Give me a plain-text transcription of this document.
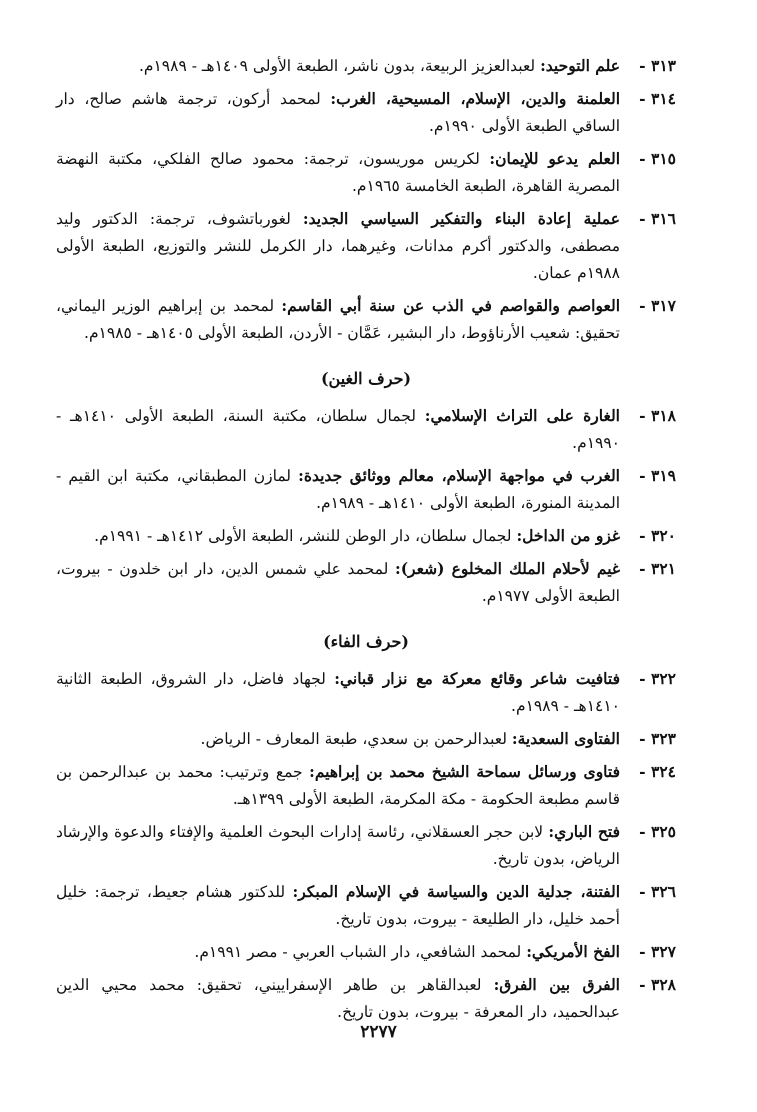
٣١٣ -
علم التوحيد: لعبدالعزيز الربيعة، بدون ناشر، الطبعة الأولى ١٤٠٩هـ - ١٩٨٩م.
٣١٤ -
العلمنة والدين، الإسلام، المسيحية، الغرب: لمحمد أركون، ترجمة هاشم صالح، دار الساقي الطبعة الأولى ١٩٩٠م.
٣١٥ -
العلم يدعو للإيمان: لكريس موريسون، ترجمة: محمود صالح الفلكي، مكتبة النهضة المصرية القاهرة، الطبعة الخامسة ١٩٦٥م.
٣١٦ -
عملية إعادة البناء والتفكير السياسي الجديد: لغورباتشوف، ترجمة: الدكتور وليد مصطفى، والدكتور أكرم مدانات، وغيرهما، دار الكرمل للنشر والتوزيع، الطبعة الأولى ١٩٨٨م عمان.
٣١٧ -
العواصم والقواصم في الذب عن سنة أبي القاسم: لمحمد بن إبراهيم الوزير اليماني، تحقيق: شعيب الأرناؤوط، دار البشير، عَمَّان - الأردن، الطبعة الأولى ١٤٠٥هـ - ١٩٨٥م.
(حرف الغين)
٣١٨ -
الغارة على التراث الإسلامي: لجمال سلطان، مكتبة السنة، الطبعة الأولى ١٤١٠هـ - ١٩٩٠م.
٣١٩ -
الغرب في مواجهة الإسلام، معالم ووثائق جديدة: لمازن المطبقاني، مكتبة ابن القيم - المدينة المنورة، الطبعة الأولى ١٤١٠هـ - ١٩٨٩م.
٣٢٠ -
غزو من الداخل: لجمال سلطان، دار الوطن للنشر، الطبعة الأولى ١٤١٢هـ - ١٩٩١م.
٣٢١ -
غيم لأحلام الملك المخلوع (شعر): لمحمد علي شمس الدين، دار ابن خلدون - بيروت، الطبعة الأولى ١٩٧٧م.
(حرف الفاء)
٣٢٢ -
فتافيت شاعر وقائع معركة مع نزار قباني: لجهاد فاضل، دار الشروق، الطبعة الثانية ١٤١٠هـ - ١٩٨٩م.
٣٢٣ -
الفتاوى السعدية: لعبدالرحمن بن سعدي، طبعة المعارف - الرياض.
٣٢٤ -
فتاوى ورسائل سماحة الشيخ محمد بن إبراهيم: جمع وترتيب: محمد بن عبدالرحمن بن قاسم مطبعة الحكومة - مكة المكرمة، الطبعة الأولى ١٣٩٩هـ.
٣٢٥ -
فتح الباري: لابن حجر العسقلاني، رئاسة إدارات البحوث العلمية والإفتاء والدعوة والإرشاد الرياض، بدون تاريخ.
٣٢٦ -
الفتنة، جدلية الدين والسياسة في الإسلام المبكر: للدكتور هشام جعيط، ترجمة: خليل أحمد خليل، دار الطليعة - بيروت، بدون تاريخ.
٣٢٧ -
الفخ الأمريكي: لمحمد الشافعي، دار الشباب العربي - مصر ١٩٩١م.
٣٢٨ -
الفرق بين الفرق: لعبدالقاهر بن طاهر الإسفراييني، تحقيق: محمد محيي الدين عبدالحميد، دار المعرفة - بيروت، بدون تاريخ.
٢٢٧٧
